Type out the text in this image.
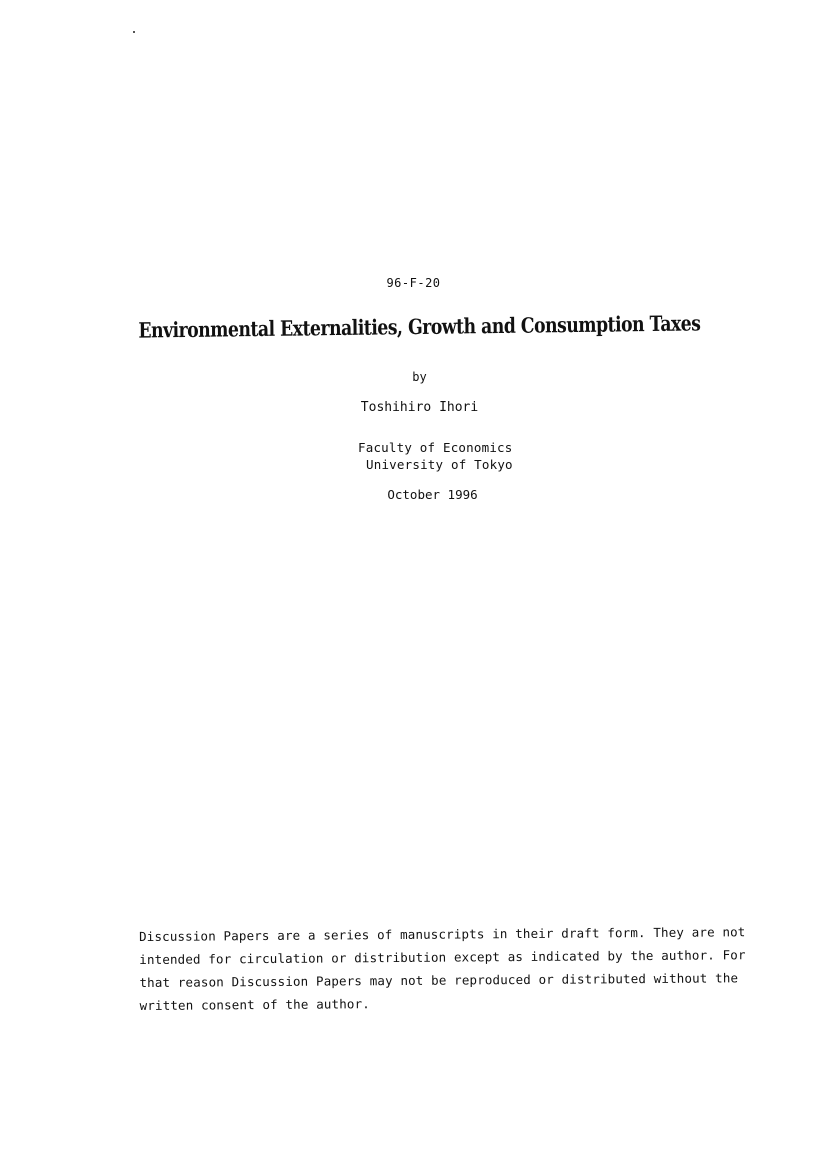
96-F-20
Environmental Externalities, Growth and Consumption Taxes
by
Toshihiro Ihori
Faculty of Economics
University of Tokyo
October 1996
Discussion Papers are a series of manuscripts in their draft form. They are not
intended for circulation or distribution except as indicated by the author. For
that reason Discussion Papers may not be reproduced or distributed without the
written consent of the author.
